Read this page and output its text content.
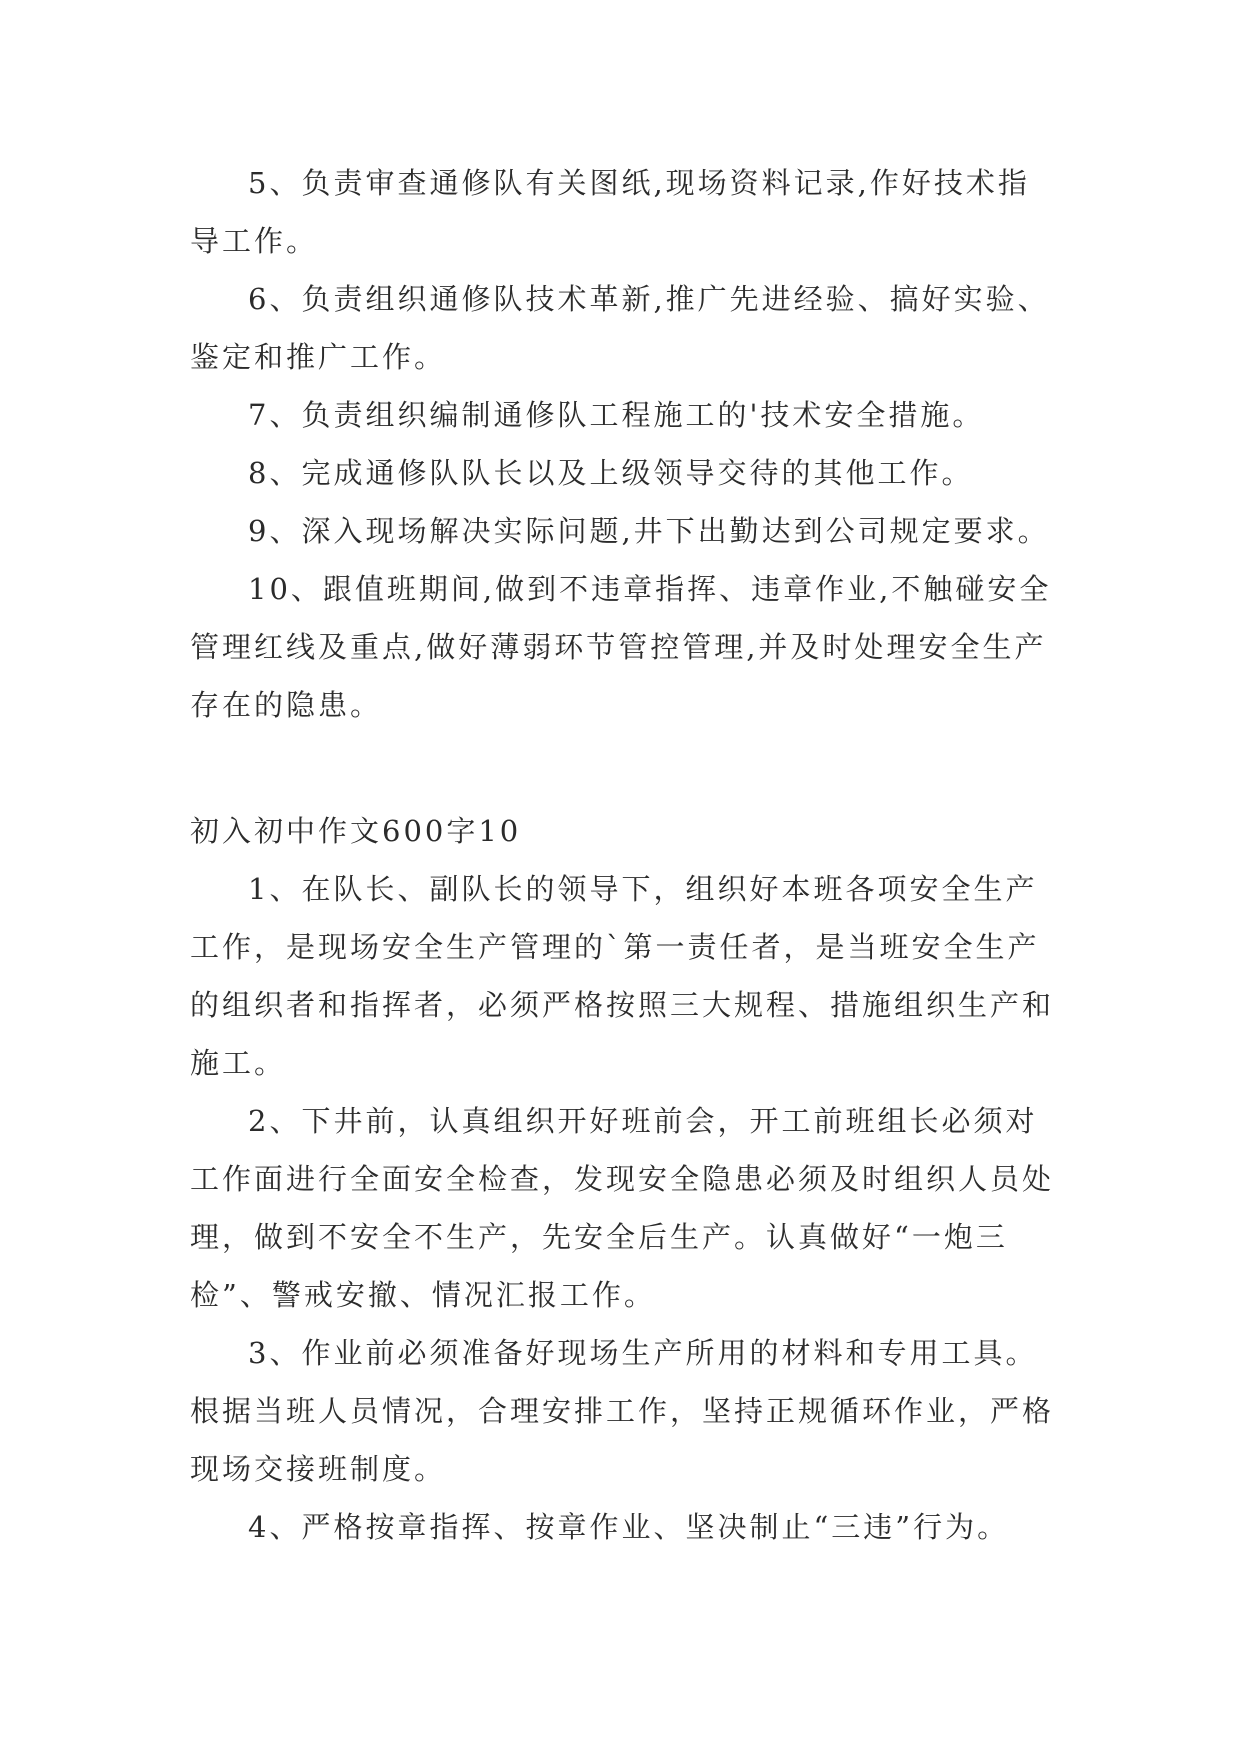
5、负责审查通修队有关图纸,现场资料记录,作好技术指导工作。

6、负责组织通修队技术革新,推广先进经验、搞好实验、鉴定和推广工作。

7、负责组织编制通修队工程施工的'技术安全措施。

8、完成通修队队长以及上级领导交待的其他工作。

9、深入现场解决实际问题,井下出勤达到公司规定要求。

10、跟值班期间,做到不违章指挥、违章作业,不触碰安全管理红线及重点,做好薄弱环节管控管理,并及时处理安全生产存在的隐患。

初入初中作文600字10

1、在队长、副队长的领导下，组织好本班各项安全生产工作，是现场安全生产管理的`第一责任者，是当班安全生产的组织者和指挥者，必须严格按照三大规程、措施组织生产和施工。

2、下井前，认真组织开好班前会，开工前班组长必须对工作面进行全面安全检查，发现安全隐患必须及时组织人员处理，做到不安全不生产，先安全后生产。认真做好“一炮三检”、警戒安撤、情况汇报工作。

3、作业前必须准备好现场生产所用的材料和专用工具。根据当班人员情况，合理安排工作，坚持正规循环作业，严格现场交接班制度。

4、严格按章指挥、按章作业、坚决制止“三违”行为。
